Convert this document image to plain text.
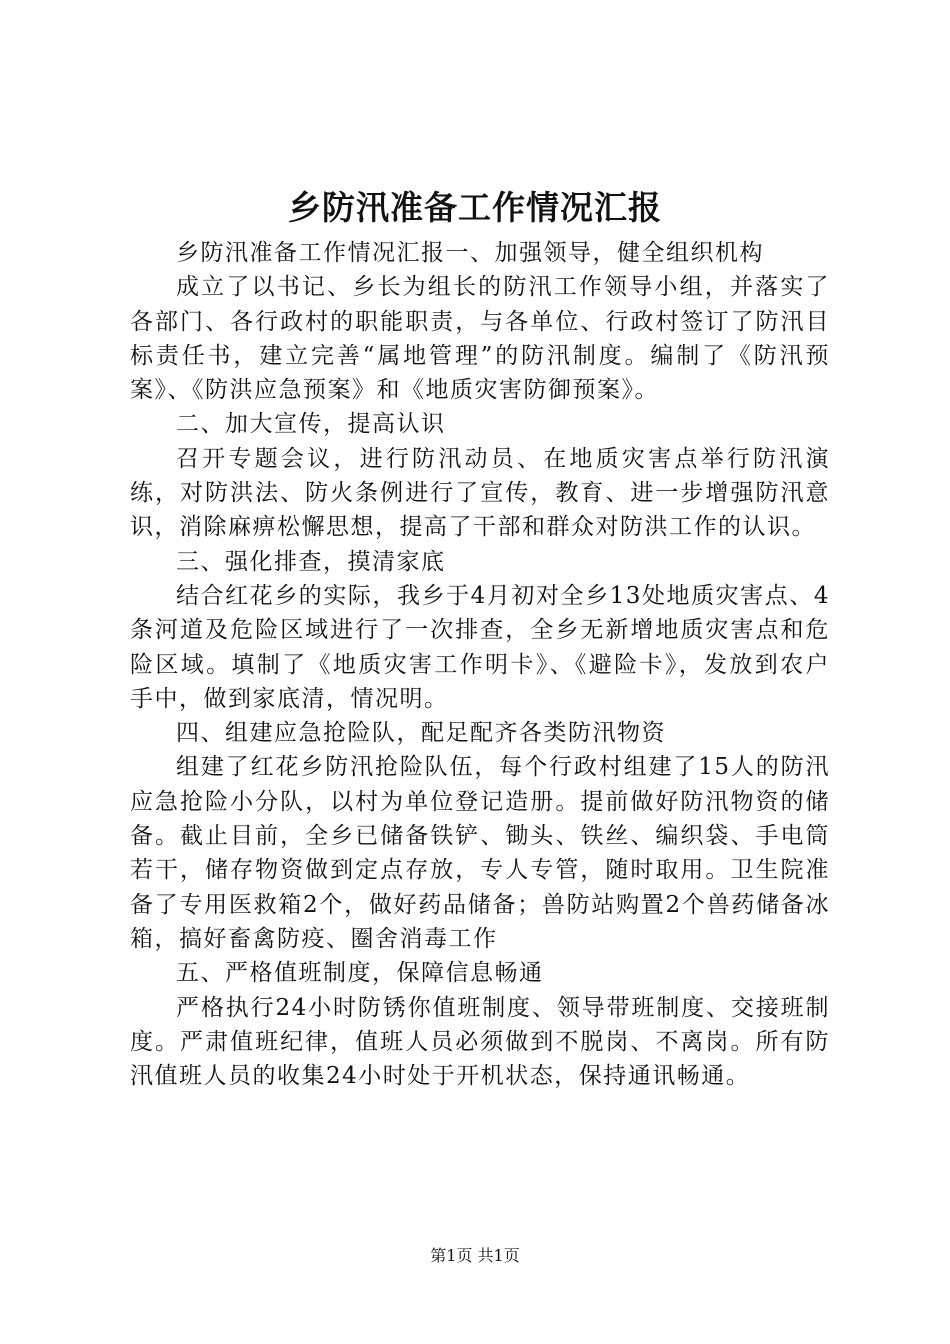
乡防汛准备工作情况汇报

乡防汛准备工作情况汇报一、加强领导，健全组织机构

成立了以书记、乡长为组长的防汛工作领导小组，并落实了各部门、各行政村的职能职责，与各单位、行政村签订了防汛目标责任书，建立完善“属地管理”的防汛制度。编制了《防汛预案》、《防洪应急预案》和《地质灾害防御预案》。

二、加大宣传，提高认识

召开专题会议，进行防汛动员、在地质灾害点举行防汛演练，对防洪法、防火条例进行了宣传，教育、进一步增强防汛意识，消除麻痹松懈思想，提高了干部和群众对防洪工作的认识。

三、强化排查，摸清家底

结合红花乡的实际，我乡于4月初对全乡13处地质灾害点、4条河道及危险区域进行了一次排查，全乡无新增地质灾害点和危险区域。填制了《地质灾害工作明卡》、《避险卡》，发放到农户手中，做到家底清，情况明。

四、组建应急抢险队，配足配齐各类防汛物资

组建了红花乡防汛抢险队伍，每个行政村组建了15人的防汛应急抢险小分队，以村为单位登记造册。提前做好防汛物资的储备。截止目前，全乡已储备铁铲、锄头、铁丝、编织袋、手电筒若干，储存物资做到定点存放，专人专管，随时取用。卫生院准备了专用医救箱2个，做好药品储备；兽防站购置2个兽药储备冰箱，搞好畜禽防疫、圈舍消毒工作

五、严格值班制度，保障信息畅通

严格执行24小时防锈你值班制度、领导带班制度、交接班制度。严肃值班纪律，值班人员必须做到不脱岗、不离岗。所有防汛值班人员的收集24小时处于开机状态，保持通讯畅通。

第1页 共1页
